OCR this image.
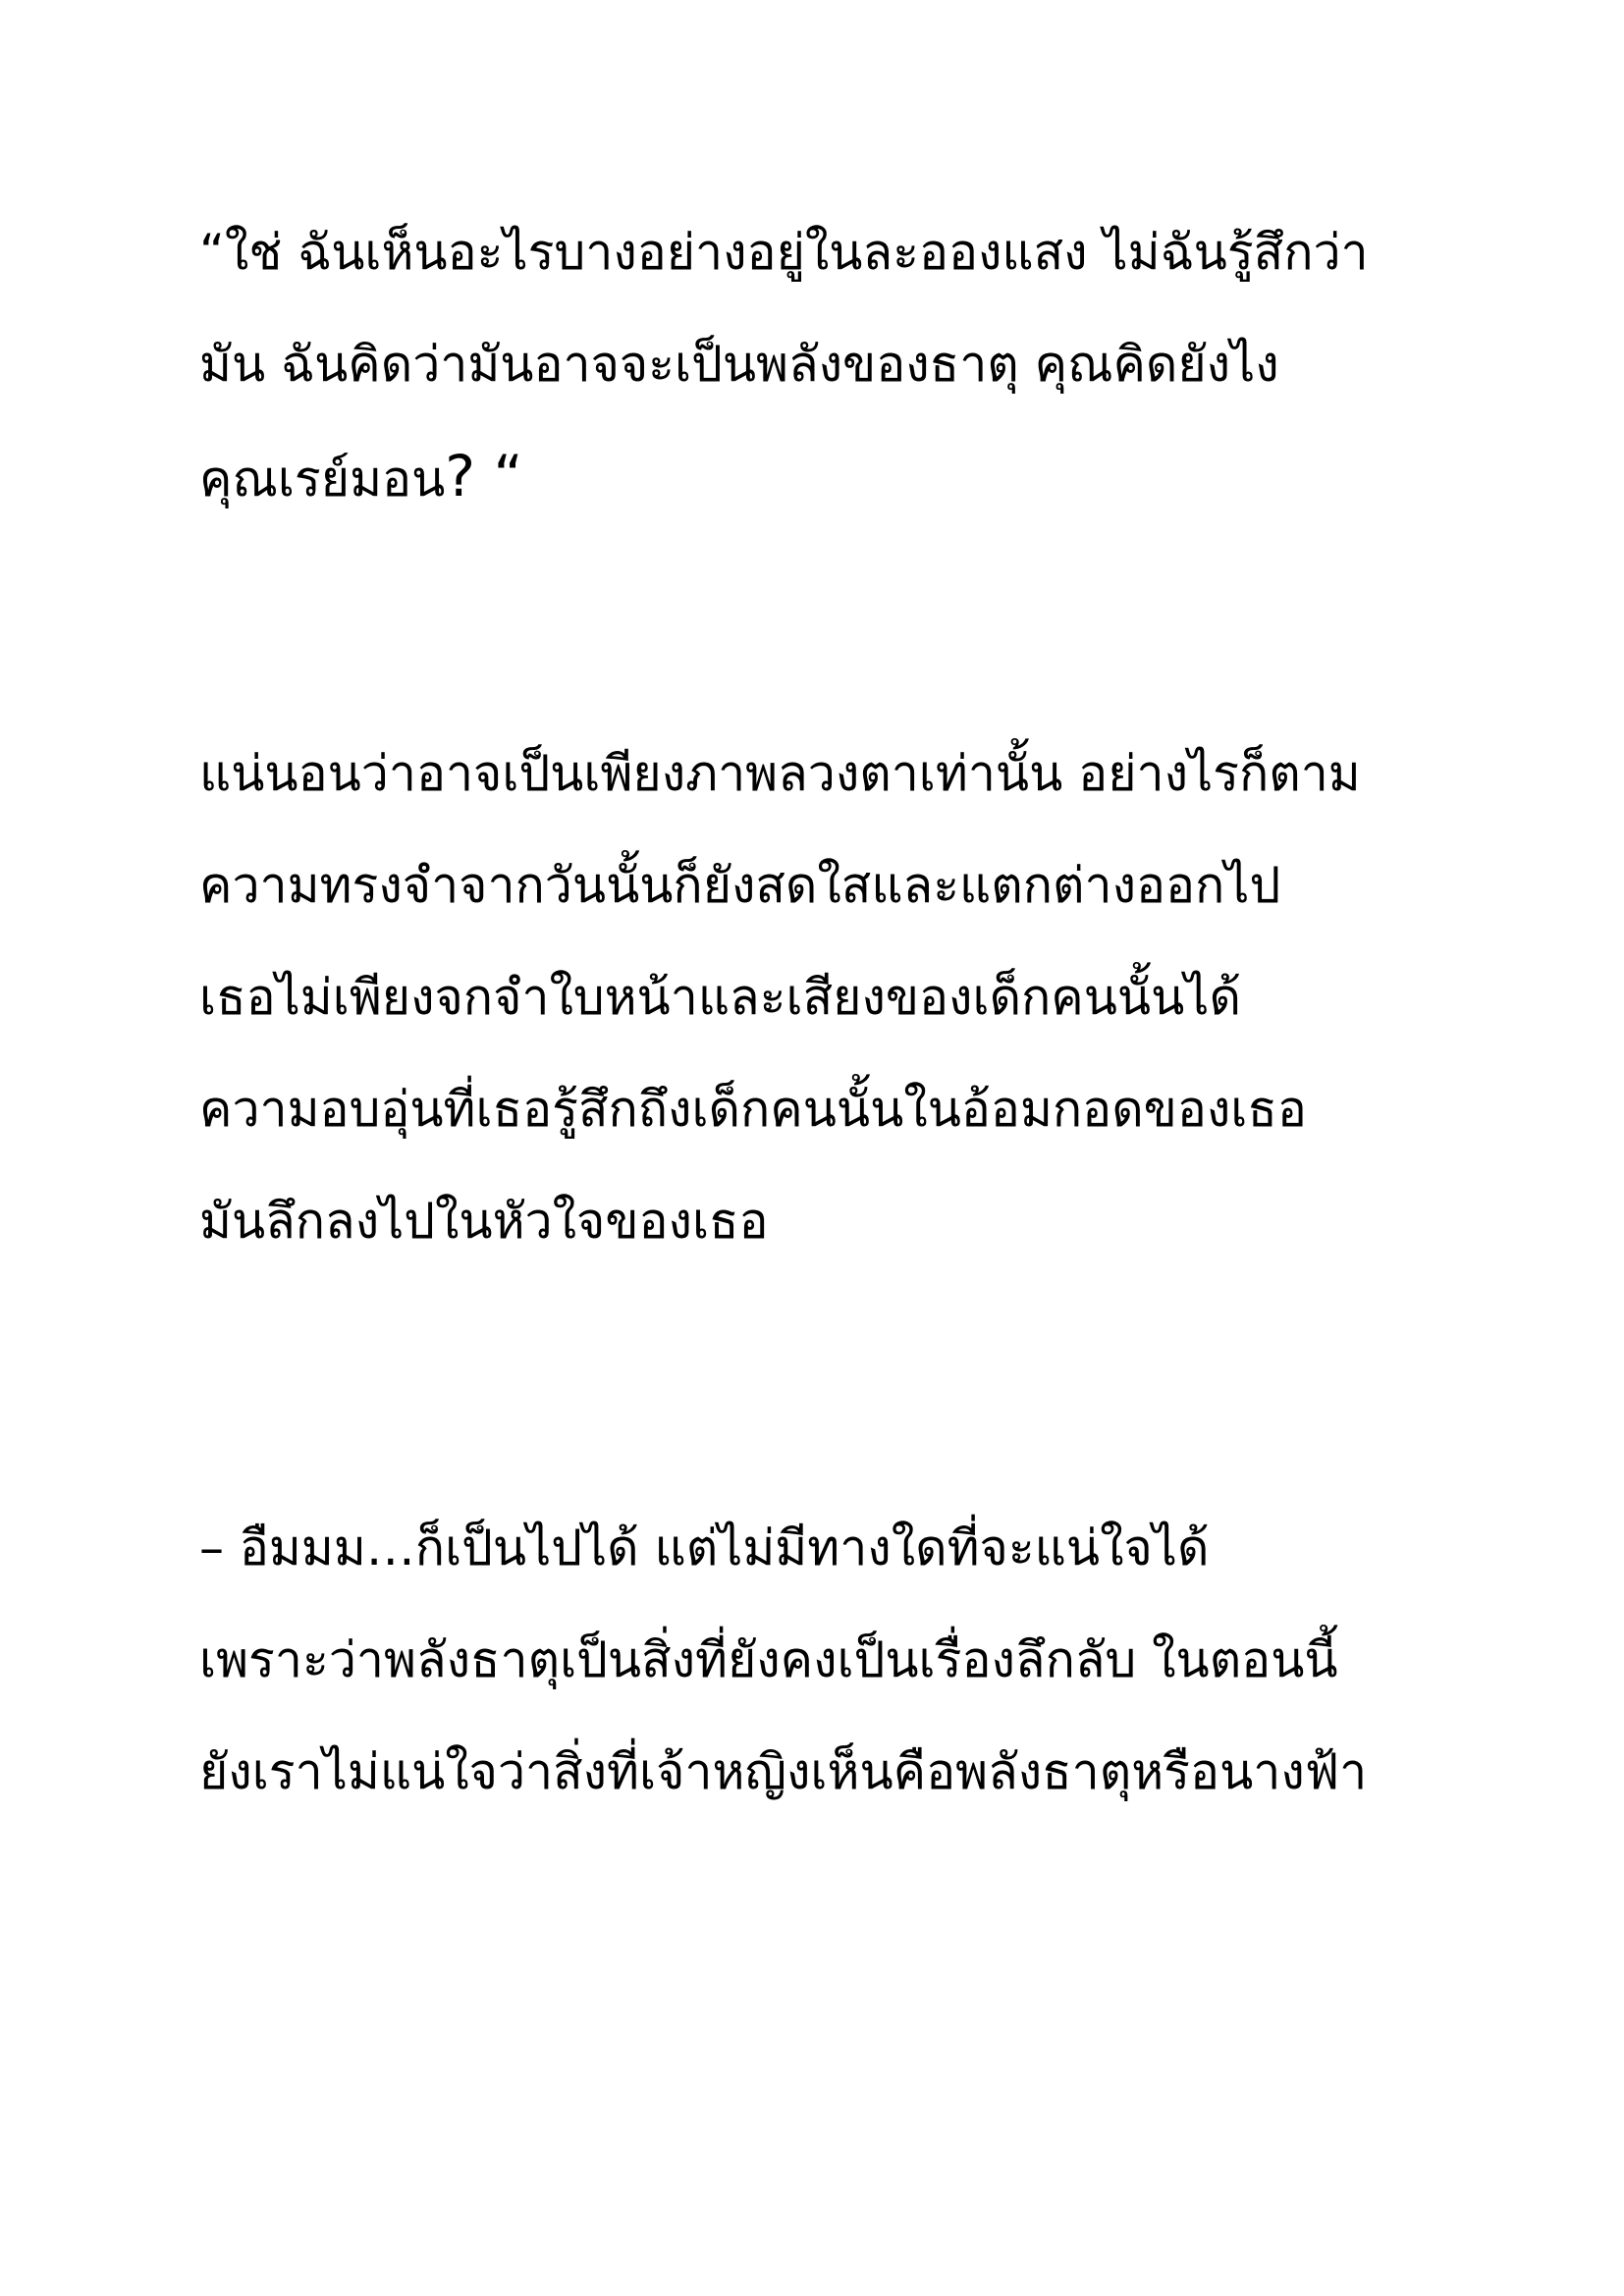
“ใช่ ฉันเห็นอะไรบางอย่างอยู่ในละอองแสง ไม่ฉันรู้สึกว่า
มัน ฉันคิดว่ามันอาจจะเป็นพลังของธาตุ คุณคิดยังไง
คุณเรย์มอน? “
แน่นอนว่าอาจเป็นเพียงภาพลวงตาเท่านั้น อย่างไรก็ตาม
ความทรงจำจากวันนั้นก็ยังสดใสและแตกต่างออกไป
เธอไม่เพียงจกจำใบหน้าและเสียงของเด็กคนนั้นได้
ความอบอุ่นที่เธอรู้สึกถึงเด็กคนนั้นในอ้อมกอดของเธอ
มันลึกลงไปในหัวใจของเธอ
– อืมมม…ก็เป็นไปได้ แต่ไม่มีทางใดที่จะแน่ใจได้
เพราะว่าพลังธาตุเป็นสิ่งที่ยังคงเป็นเรื่องลึกลับ ในตอนนี้
ยังเราไม่แน่ใจว่าสิ่งที่เจ้าหญิงเห็นคือพลังธาตุหรือนางฟ้า
